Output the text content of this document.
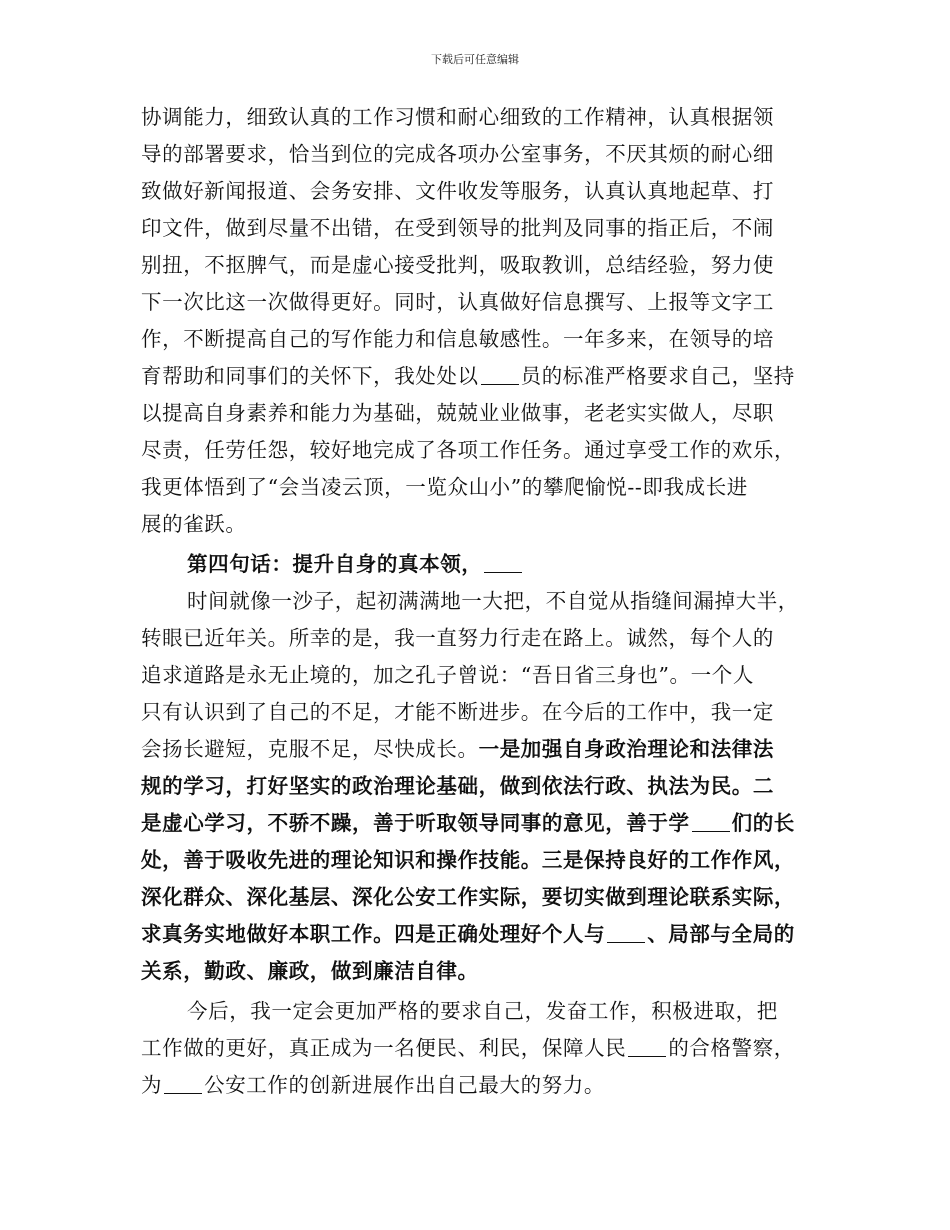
下载后可任意编辑
协调能力，细致认真的工作习惯和耐心细致的工作精神，认真根据领
导的部署要求，恰当到位的完成各项办公室事务，不厌其烦的耐心细
致做好新闻报道、会务安排、文件收发等服务，认真认真地起草、打
印文件，做到尽量不出错，在受到领导的批判及同事的指正后，不闹
别扭，不抠脾气，而是虚心接受批判，吸取教训，总结经验，努力使
下一次比这一次做得更好。同时，认真做好信息撰写、上报等文字工
作，不断提高自己的写作能力和信息敏感性。一年多来，在领导的培
育帮助和同事们的关怀下，我处处以 员的标准严格要求自己，坚持
以提高自身素养和能力为基础，兢兢业业做事，老老实实做人，尽职
尽责，任劳任怨，较好地完成了各项工作任务。通过享受工作的欢乐，
我更体悟到了“会当凌云顶，一览众山小”的攀爬愉悦--即我成长进
展的雀跃。
第四句话：提升自身的真本领，
时间就像一沙子，起初满满地一大把，不自觉从指缝间漏掉大半，
转眼已近年关。所幸的是，我一直努力行走在路上。诚然，每个人的
追求道路是永无止境的，加之孔子曾说：“吾日省三身也”。一个人
只有认识到了自己的不足，才能不断进步。在今后的工作中，我一定
会扬长避短，克服不足，尽快成长。一是加强自身政治理论和法律法
规的学习，打好坚实的政治理论基础，做到依法行政、执法为民。二
是虚心学习，不骄不躁，善于听取领导同事的意见，善于学 们的长
处，善于吸收先进的理论知识和操作技能。三是保持良好的工作作风，
深化群众、深化基层、深化公安工作实际，要切实做到理论联系实际，
求真务实地做好本职工作。四是正确处理好个人与 、局部与全局的
关系，勤政、廉政，做到廉洁自律。
今后，我一定会更加严格的要求自己，发奋工作，积极进取，把
工作做的更好，真正成为一名便民、利民，保障人民 的合格警察，
为 公安工作的创新进展作出自己最大的努力。
